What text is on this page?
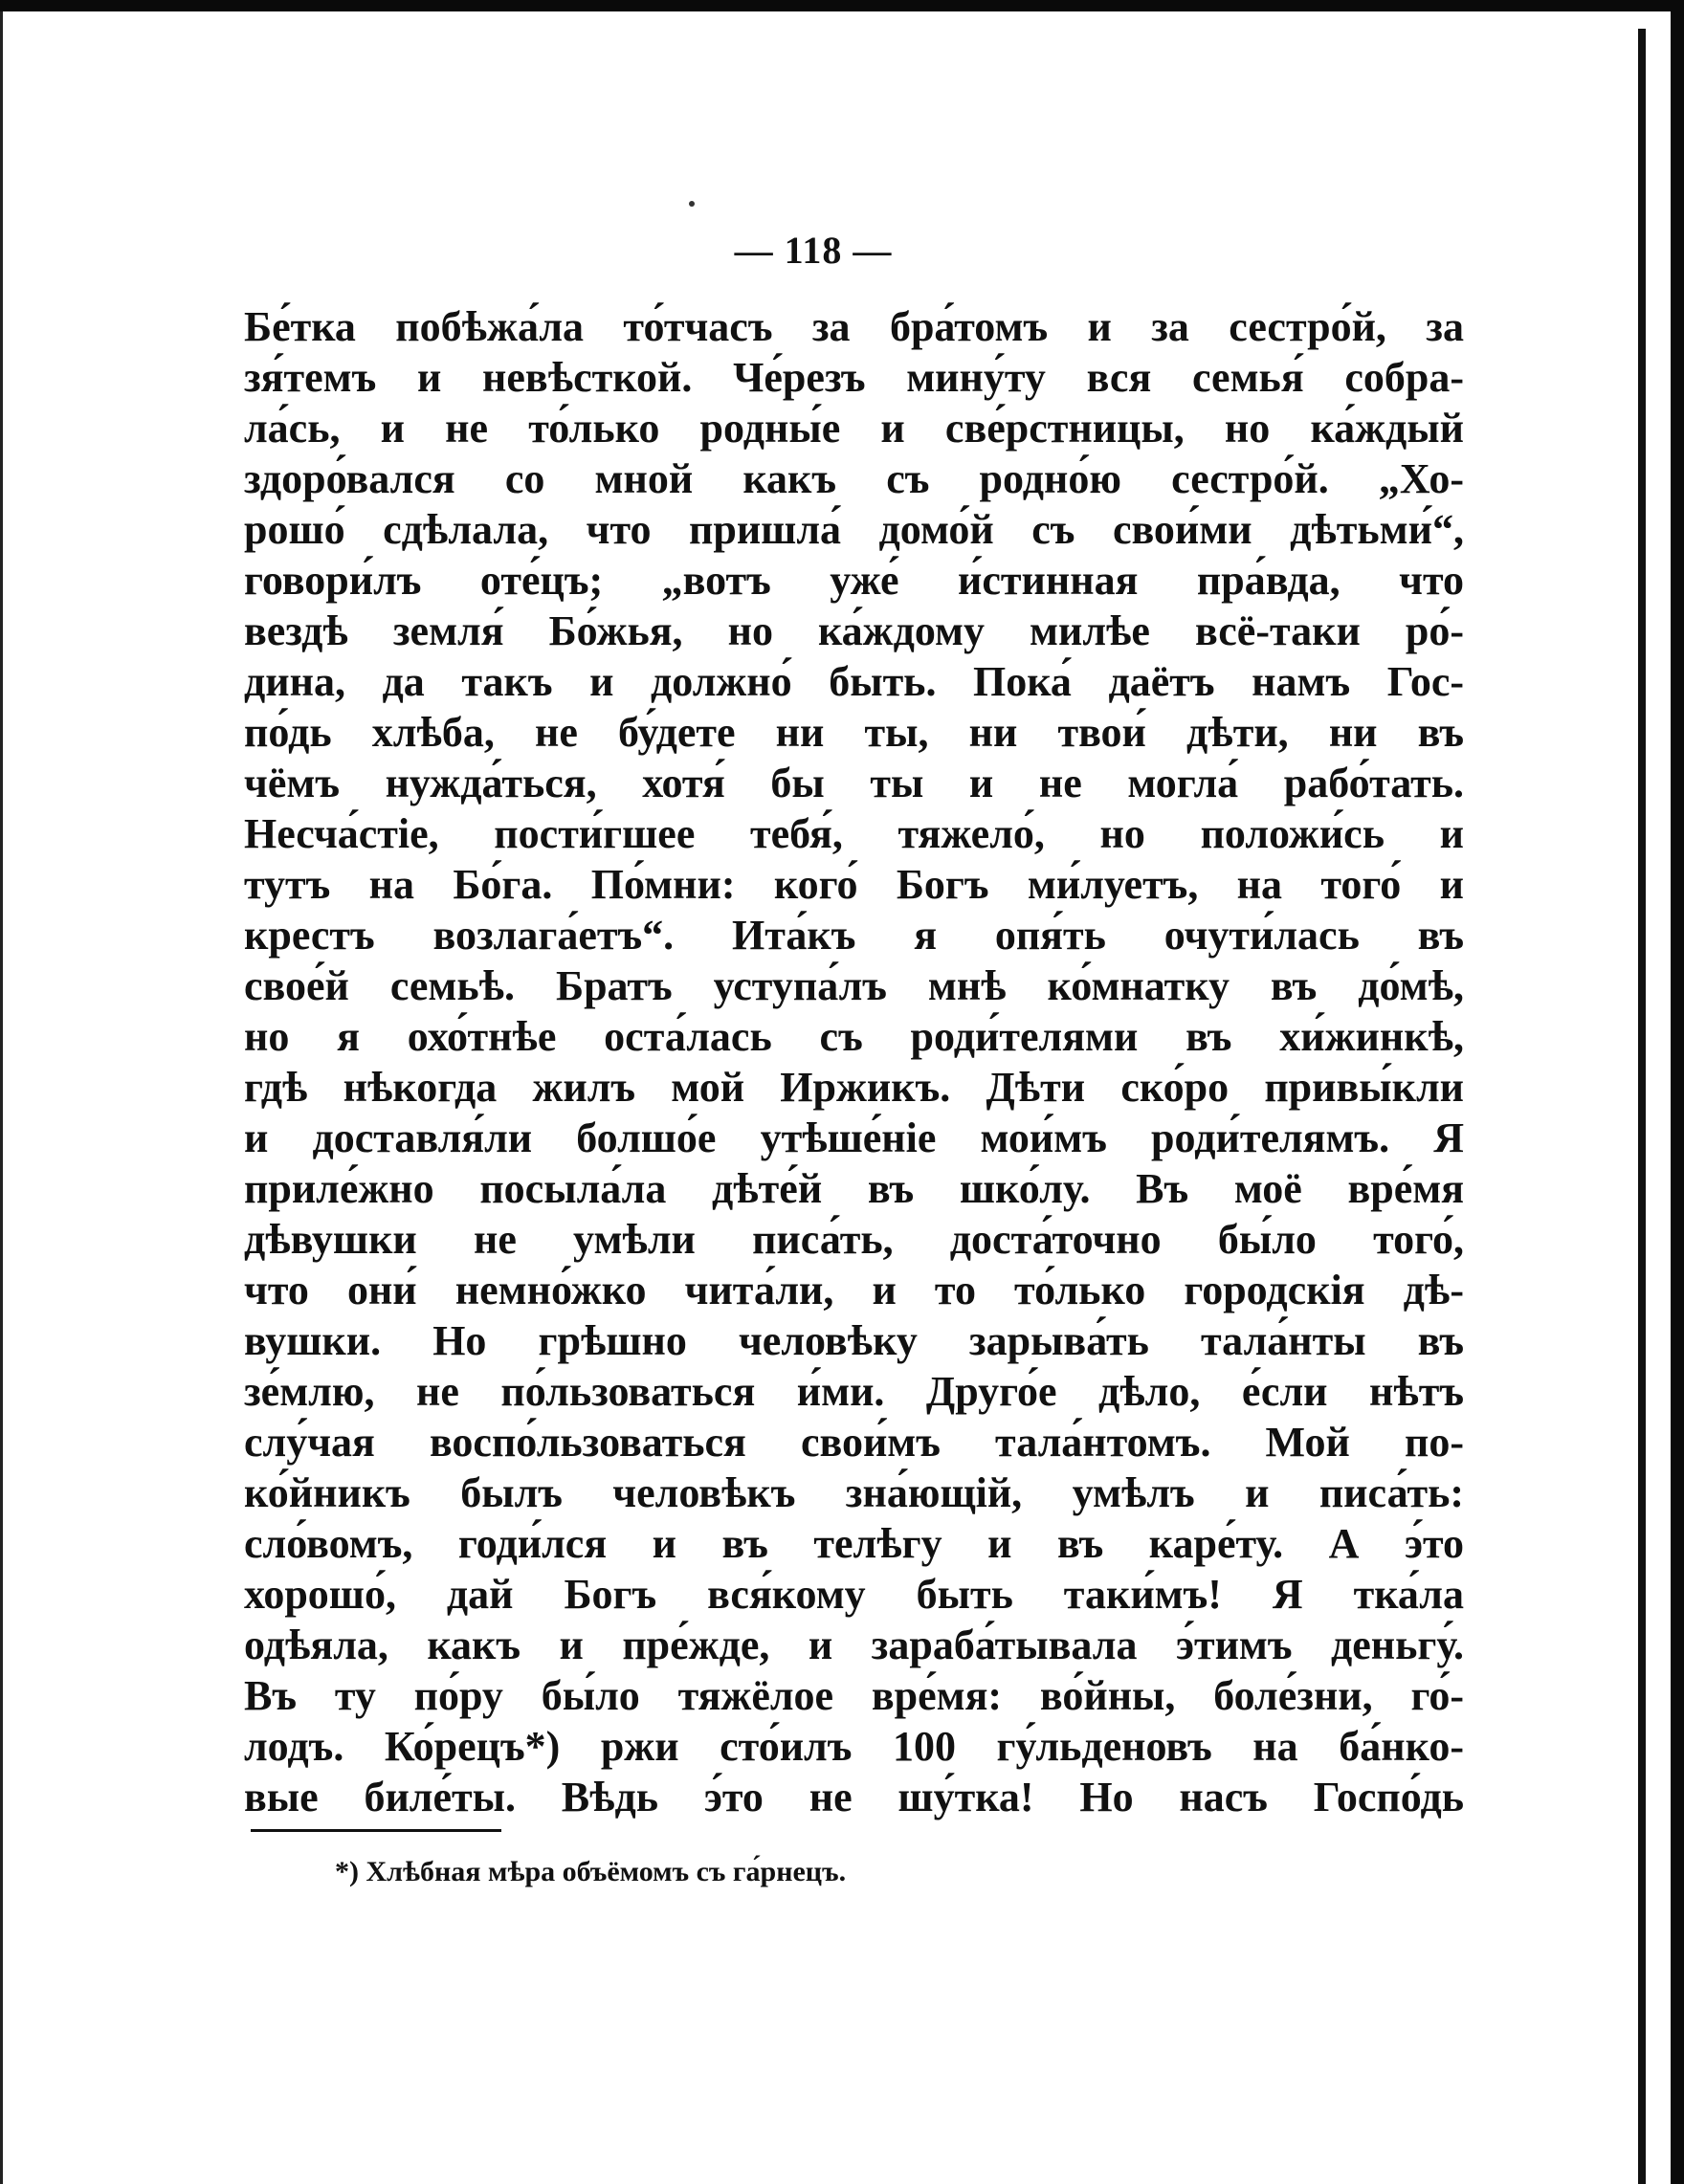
— 118 —
Бе́тка побѣжа́ла то́тчасъ за бра́томъ и за сестро́й, за
зя́темъ и невѣсткой. Че́резъ мину́ту вся семья́ собра-
ла́сь, и не то́лько родны́е и све́рстницы, но ка́ждый
здоро́вался со мной какъ съ родно́ю сестро́й. „Хо-
рошо́ сдѣлала, что пришла́ домо́й съ свои́ми дѣтьми́“,
говори́лъ оте́цъ; „вотъ уже́ и́стинная пра́вда, что
вездѣ земля́ Бо́жья, но ка́ждому милѣе всё-таки ро́-
дина, да такъ и должно́ быть. Пока́ даётъ намъ Гос-
по́дь хлѣба, не бу́дете ни ты, ни твои́ дѣти, ни въ
чёмъ нужда́ться, хотя́ бы ты и не могла́ рабо́тать.
Несча́стіе, пости́гшее тебя́, тяжело́, но положи́сь и
тутъ на Бо́га. По́мни: кого́ Богъ ми́луетъ, на того́ и
крестъ возлага́етъ“. Ита́къ я опя́ть очути́лась въ
свое́й семьѣ. Братъ уступа́лъ мнѣ ко́мнатку въ до́мѣ,
но я охо́тнѣе оста́лась съ роди́телями въ хи́жинкѣ,
гдѣ нѣкогда жилъ мой Иржикъ. Дѣти ско́ро привы́кли
и доставля́ли болшо́е утѣше́ніе мои́мъ роди́телямъ. Я
приле́жно посыла́ла дѣте́й въ шко́лу. Въ моё вре́мя
дѣвушки не умѣли писа́ть, доста́точно бы́ло того́,
что они́ немно́жко чита́ли, и то то́лько городскія дѣ-
вушки. Но грѣшно человѣку зарыва́ть тала́нты въ
зе́млю, не по́льзоваться и́ми. Друго́е дѣло, е́сли нѣтъ
слу́чая воспо́льзоваться свои́мъ тала́нтомъ. Мой по-
ко́йникъ былъ человѣкъ зна́ющій, умѣлъ и писа́ть:
сло́вомъ, годи́лся и въ телѣгу и въ каре́ту. А э́то
хорошо́, дай Богъ вся́кому быть таки́мъ! Я тка́ла
одѣяла, какъ и пре́жде, и зараба́тывала э́тимъ деньгу́.
Въ ту по́ру бы́ло тяжёлое вре́мя: во́йны, боле́зни, го́-
лодъ. Ко́рецъ*) ржи сто́илъ 100 гу́льденовъ на ба́нко-
вые биле́ты. Вѣдь э́то не шу́тка! Но насъ Госпо́дь
*) Хлѣбная мѣра объёмомъ съ га́рнецъ.
